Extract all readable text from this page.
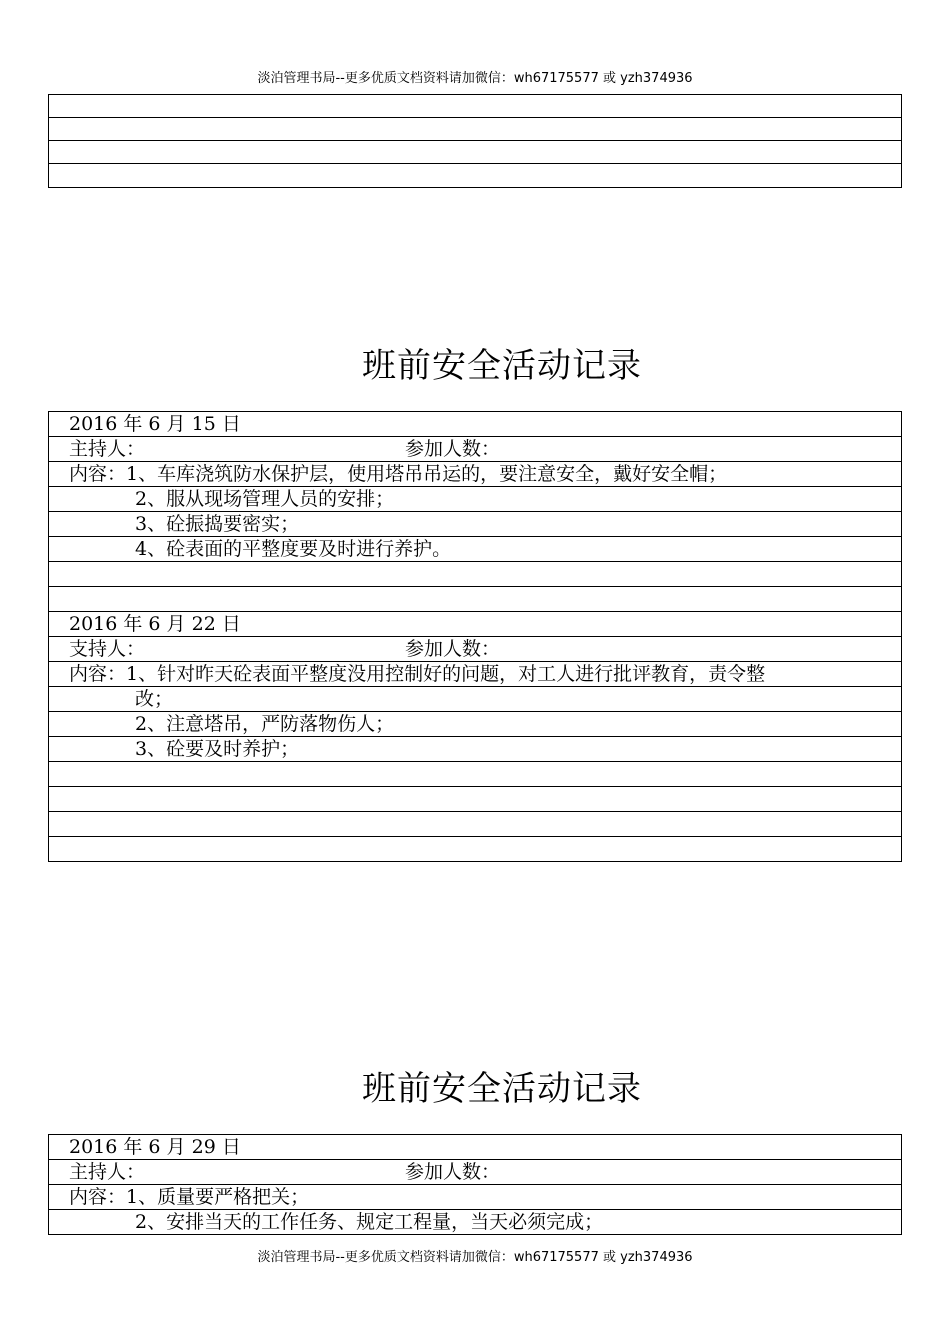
淡泊管理书局--更多优质文档资料请加微信：wh67175577 或 yzh374936
班前安全活动记录
2016 年 6 月 15 日
主持人：	参加人数：

内容：1、车库浇筑防水保护层，使用塔吊吊运的，要注意安全，戴好安全帽；
2、服从现场管理人员的安排；
3、砼振捣要密实；
4、砼表面的平整度要及时进行养护。

2016 年 6 月 22 日
支持人：	参加人数：

内容：1、针对昨天砼表面平整度没用控制好的问题，对工人进行批评教育，责令整
改；
2、注意塔吊，严防落物伤人；
3、砼要及时养护；

班前安全活动记录
2016 年 6 月 29 日
主持人：	参加人数：

内容：1、质量要严格把关；
2、安排当天的工作任务、规定工程量，当天必须完成；
淡泊管理书局--更多优质文档资料请加微信：wh67175577 或 yzh374936
